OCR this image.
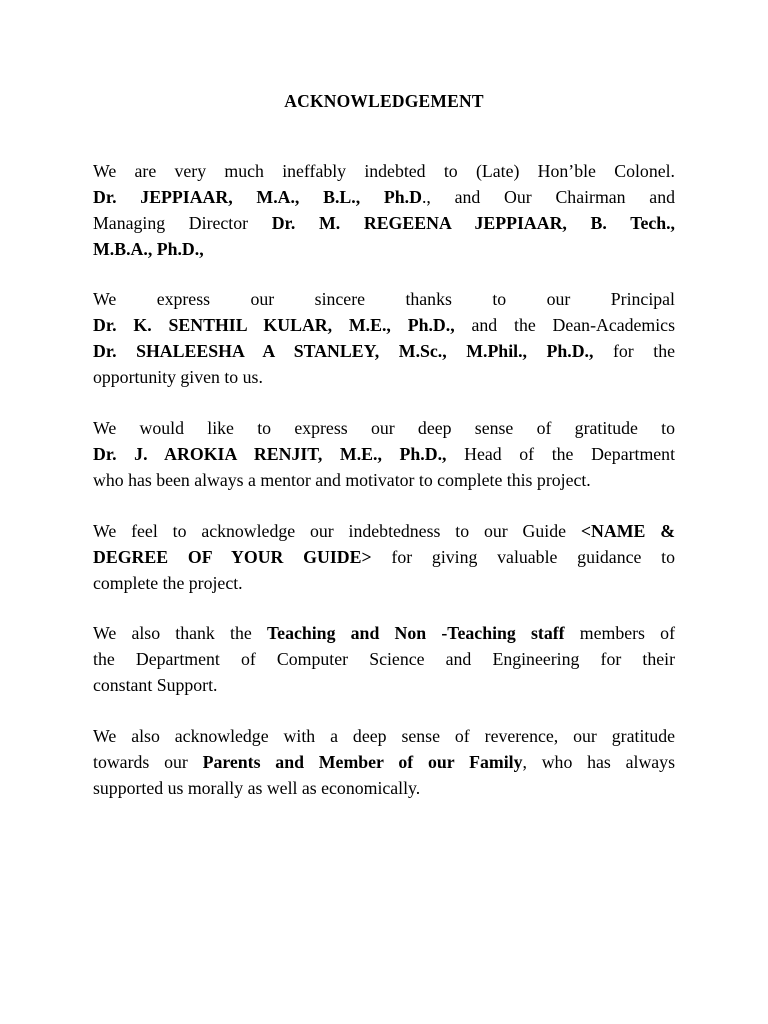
ACKNOWLEDGEMENT

We are very much ineffably indebted to (Late) Hon’ble Colonel.
Dr. JEPPIAAR, M.A., B.L., Ph.D., and Our Chairman and
Managing Director Dr. M. REGEENA JEPPIAAR, B. Tech.,
M.B.A., Ph.D.,

We express our sincere thanks to our Principal
Dr. K. SENTHIL KULAR, M.E., Ph.D., and the Dean-Academics
Dr. SHALEESHA A STANLEY, M.Sc., M.Phil., Ph.D., for the
opportunity given to us.

We would like to express our deep sense of gratitude to
Dr. J. AROKIA RENJIT, M.E., Ph.D., Head of the Department
who has been always a mentor and motivator to complete this project.

We feel to acknowledge our indebtedness to our Guide <NAME &
DEGREE OF YOUR GUIDE> for giving valuable guidance to
complete the project.

We also thank the Teaching and Non -Teaching staff members of
the Department of Computer Science and Engineering for their
constant Support.

We also acknowledge with a deep sense of reverence, our gratitude
towards our Parents and Member of our Family, who has always
supported us morally as well as economically.
